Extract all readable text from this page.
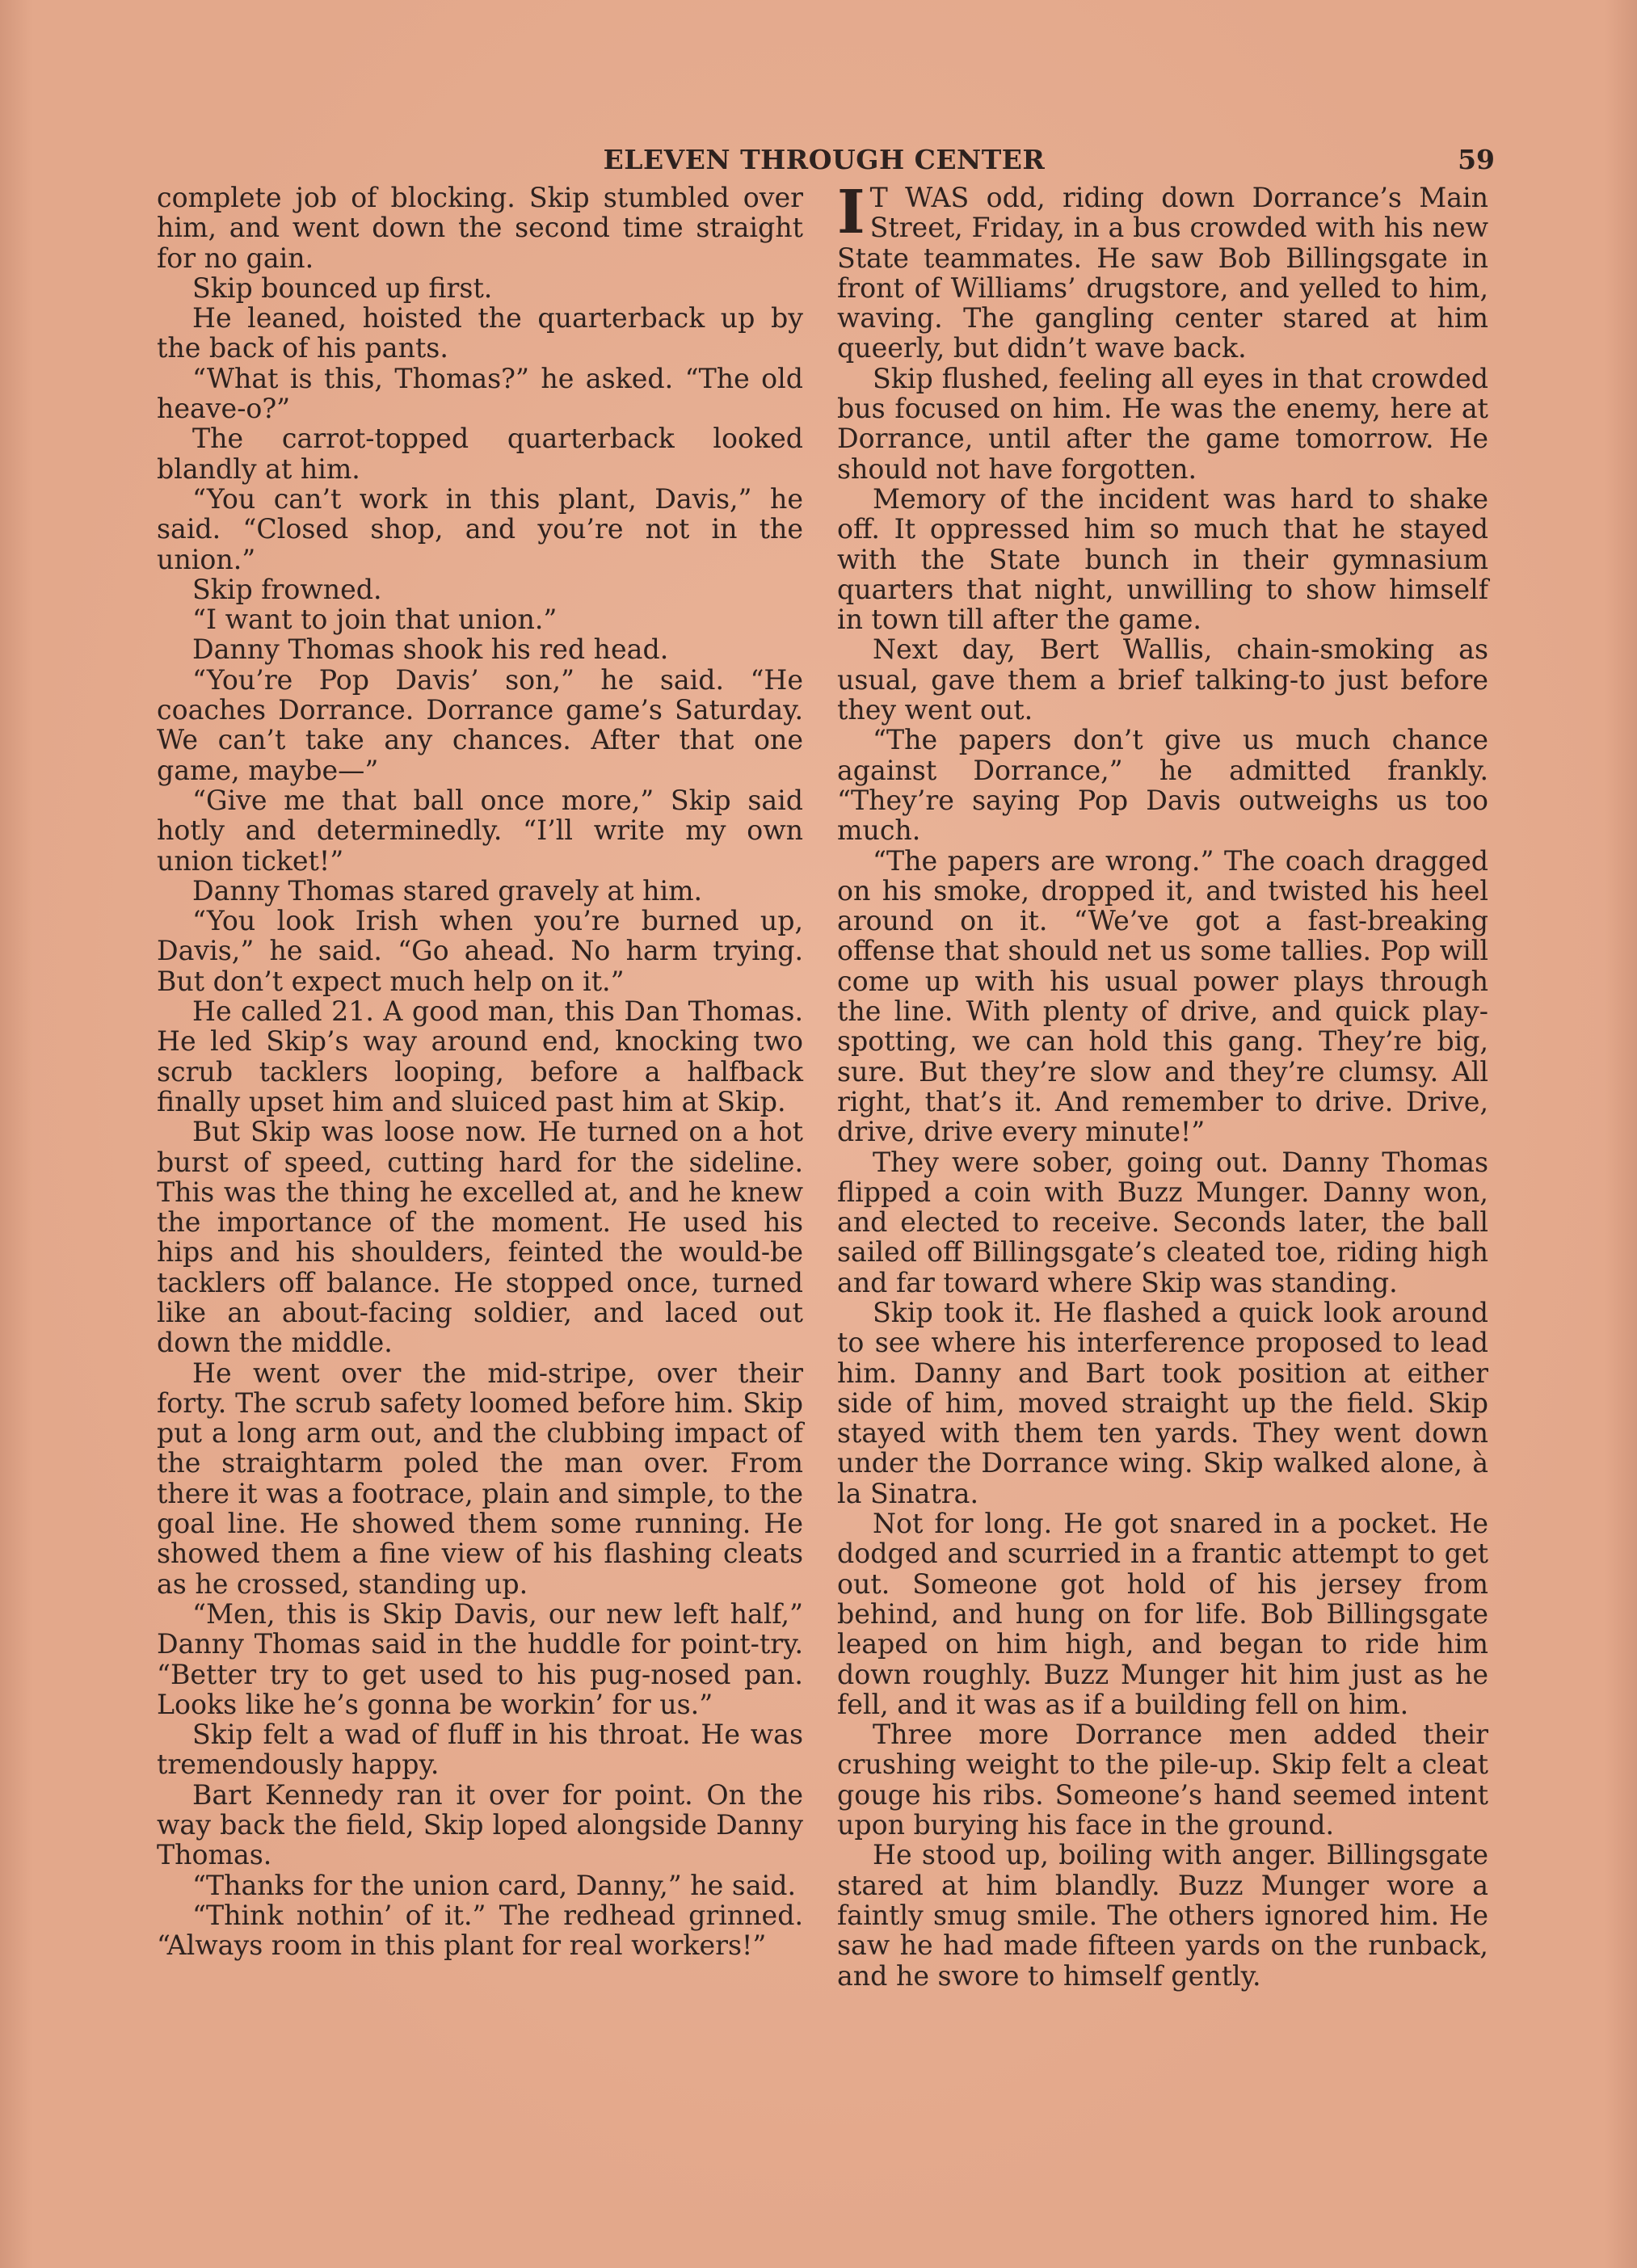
ELEVEN THROUGH CENTER	59

complete job of blocking. Skip stumbled over him, and went down the second time straight for no gain.

Skip bounced up first.

He leaned, hoisted the quarterback up by the back of his pants.

“What is this, Thomas?” he asked. “The old heave-o?”

The carrot-topped quarterback looked blandly at him.

“You can’t work in this plant, Davis,” he said. “Closed shop, and you’re not in the union.”

Skip frowned.

“I want to join that union.”

Danny Thomas shook his red head.

“You’re Pop Davis’ son,” he said. “He coaches Dorrance. Dorrance game’s Saturday. We can’t take any chances. After that one game, maybe—”

“Give me that ball once more,” Skip said hotly and determinedly. “I’ll write my own union ticket!”

Danny Thomas stared gravely at him.

“You look Irish when you’re burned up, Davis,” he said. “Go ahead. No harm trying. But don’t expect much help on it.”

He called 21. A good man, this Dan Thomas. He led Skip’s way around end, knocking two scrub tacklers looping, before a halfback finally upset him and sluiced past him at Skip.

But Skip was loose now. He turned on a hot burst of speed, cutting hard for the sideline. This was the thing he excelled at, and he knew the importance of the moment. He used his hips and his shoulders, feinted the would-be tacklers off balance. He stopped once, turned like an about-facing soldier, and laced out down the middle.

He went over the mid-stripe, over their forty. The scrub safety loomed before him. Skip put a long arm out, and the clubbing impact of the straightarm poled the man over. From there it was a footrace, plain and simple, to the goal line. He showed them some running. He showed them a fine view of his flashing cleats as he crossed, standing up.

“Men, this is Skip Davis, our new left half,” Danny Thomas said in the huddle for point-try. “Better try to get used to his pug-nosed pan. Looks like he’s gonna be workin’ for us.”

Skip felt a wad of fluff in his throat. He was tremendously happy.

Bart Kennedy ran it over for point. On the way back the field, Skip loped alongside Danny Thomas.

“Thanks for the union card, Danny,” he said.

“Think nothin’ of it.” The redhead grinned. “Always room in this plant for real workers!”

IT WAS odd, riding down Dorrance’s Main Street, Friday, in a bus crowded with his new State teammates. He saw Bob Billingsgate in front of Williams’ drugstore, and yelled to him, waving. The gangling center stared at him queerly, but didn’t wave back.

Skip flushed, feeling all eyes in that crowded bus focused on him. He was the enemy, here at Dorrance, until after the game tomorrow. He should not have forgotten.

Memory of the incident was hard to shake off. It oppressed him so much that he stayed with the State bunch in their gymnasium quarters that night, unwilling to show himself in town till after the game.

Next day, Bert Wallis, chain-smoking as usual, gave them a brief talking-to just before they went out.

“The papers don’t give us much chance against Dorrance,” he admitted frankly. “They’re saying Pop Davis outweighs us too much.

“The papers are wrong.” The coach dragged on his smoke, dropped it, and twisted his heel around on it. “We’ve got a fast-breaking offense that should net us some tallies. Pop will come up with his usual power plays through the line. With plenty of drive, and quick play-spotting, we can hold this gang. They’re big, sure. But they’re slow and they’re clumsy. All right, that’s it. And remember to drive. Drive, drive, drive every minute!”

They were sober, going out. Danny Thomas flipped a coin with Buzz Munger. Danny won, and elected to receive. Seconds later, the ball sailed off Billingsgate’s cleated toe, riding high and far toward where Skip was standing.

Skip took it. He flashed a quick look around to see where his interference proposed to lead him. Danny and Bart took position at either side of him, moved straight up the field. Skip stayed with them ten yards. They went down under the Dorrance wing. Skip walked alone, à la Sinatra.

Not for long. He got snared in a pocket. He dodged and scurried in a frantic attempt to get out. Someone got hold of his jersey from behind, and hung on for life. Bob Billingsgate leaped on him high, and began to ride him down roughly. Buzz Munger hit him just as he fell, and it was as if a building fell on him.

Three more Dorrance men added their crushing weight to the pile-up. Skip felt a cleat gouge his ribs. Someone’s hand seemed intent upon burying his face in the ground.

He stood up, boiling with anger. Billingsgate stared at him blandly. Buzz Munger wore a faintly smug smile. The others ignored him. He saw he had made fifteen yards on the runback, and he swore to himself gently.
